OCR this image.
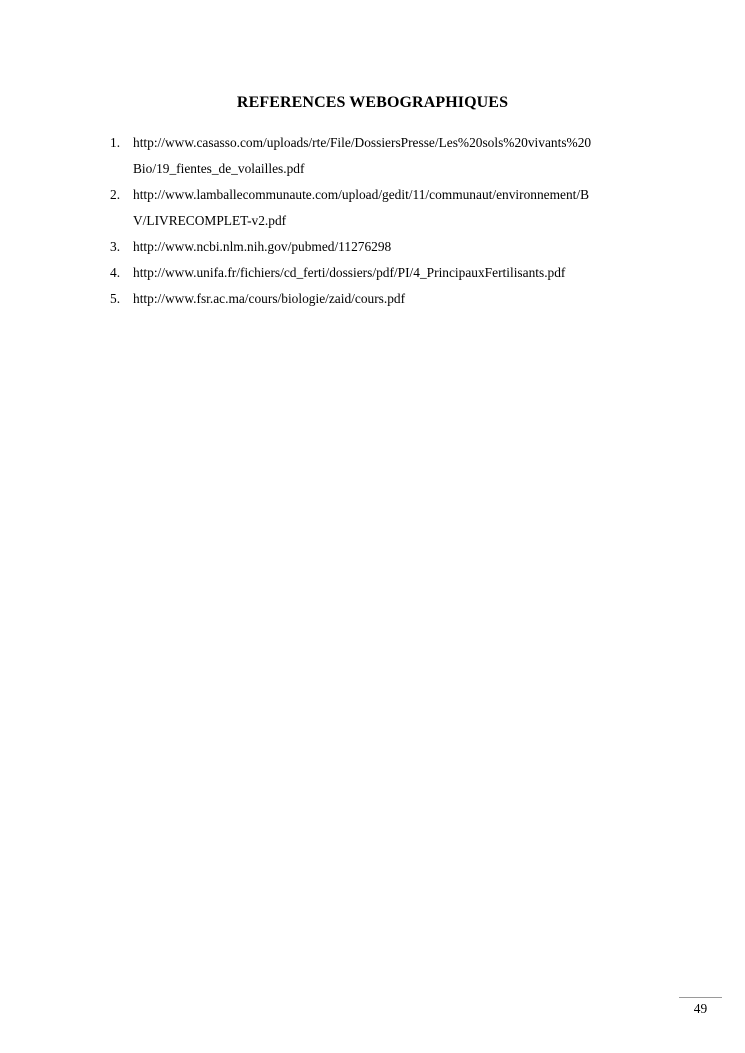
REFERENCES WEBOGRAPHIQUES
1. http://www.casasso.com/uploads/rte/File/DossiersPresse/Les%20sols%20vivants%20
Bio/19_fientes_de_volailles.pdf
2. http://www.lamballecommunaute.com/upload/gedit/11/communaut/environnement/B
V/LIVRECOMPLET-v2.pdf
3. http://www.ncbi.nlm.nih.gov/pubmed/11276298
4. http://www.unifa.fr/fichiers/cd_ferti/dossiers/pdf/PI/4_PrincipauxFertilisants.pdf
5. http://www.fsr.ac.ma/cours/biologie/zaid/cours.pdf
49
